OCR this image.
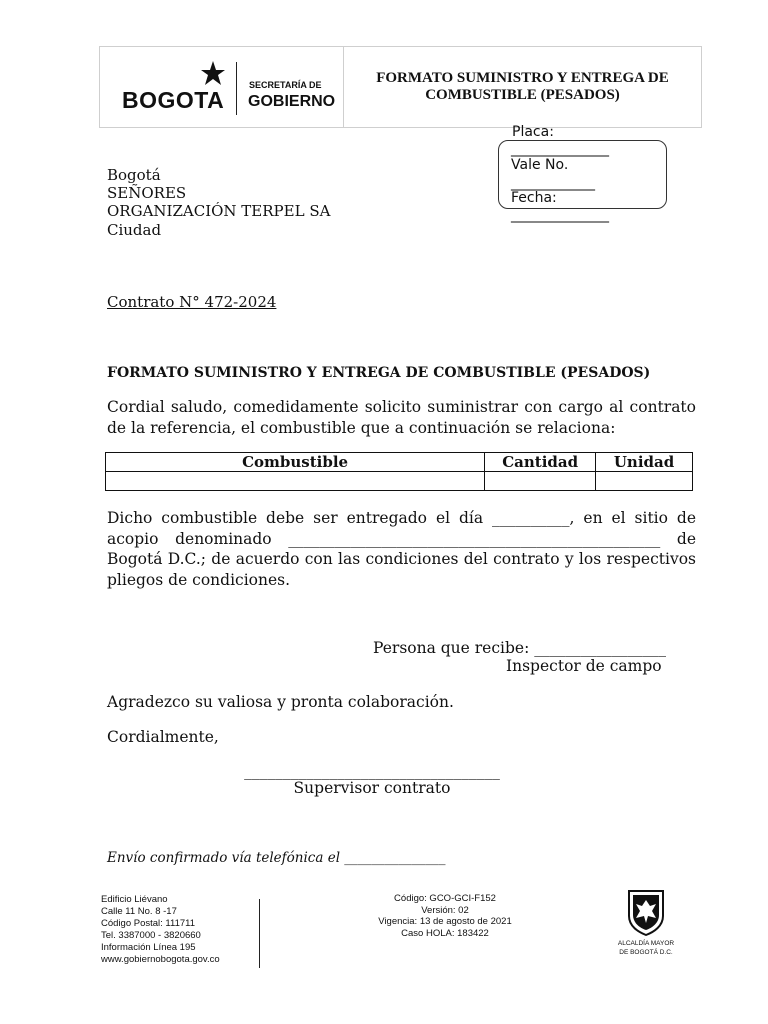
BOGOTA
SECRETARÍA DE
GOBIERNO
FORMATO SUMINISTRO Y ENTREGA DE COMBUSTIBLE (PESADOS)
Placa:
______________
Vale No.
____________
Fecha:
______________
Bogotá
SEÑORES
ORGANIZACIÓN TERPEL SA
Ciudad
Contrato N° 472-2024
FORMATO SUMINISTRO Y ENTREGA DE COMBUSTIBLE (PESADOS)
Cordial saludo, comedidamente solicito suministrar con cargo al contrato de la referencia, el combustible que a continuación se relaciona:
Combustible	Cantidad	Unidad

Dicho combustible debe ser entregado el día __________, en el sitio de acopio denominado ________________________________________________ de Bogotá D.C.; de acuerdo con las condiciones del contrato y los respectivos pliegos de condiciones.
Persona que recibe: _________________
Inspector de campo
Agradezco su valiosa y pronta colaboración.
Cordialmente,
_________________________________
Supervisor contrato
Envío confirmado vía telefónica el _______________
Edificio Liévano
Calle 11 No. 8 -17
Código Postal: 111711
Tel. 3387000 - 3820660
Información Línea 195
www.gobiernobogota.gov.co
Código: GCO-GCI-F152
Versión: 02
Vigencia: 13 de agosto de 2021
Caso HOLA: 183422
ALCALDÍA MAYOR
DE BOGOTÁ D.C.
